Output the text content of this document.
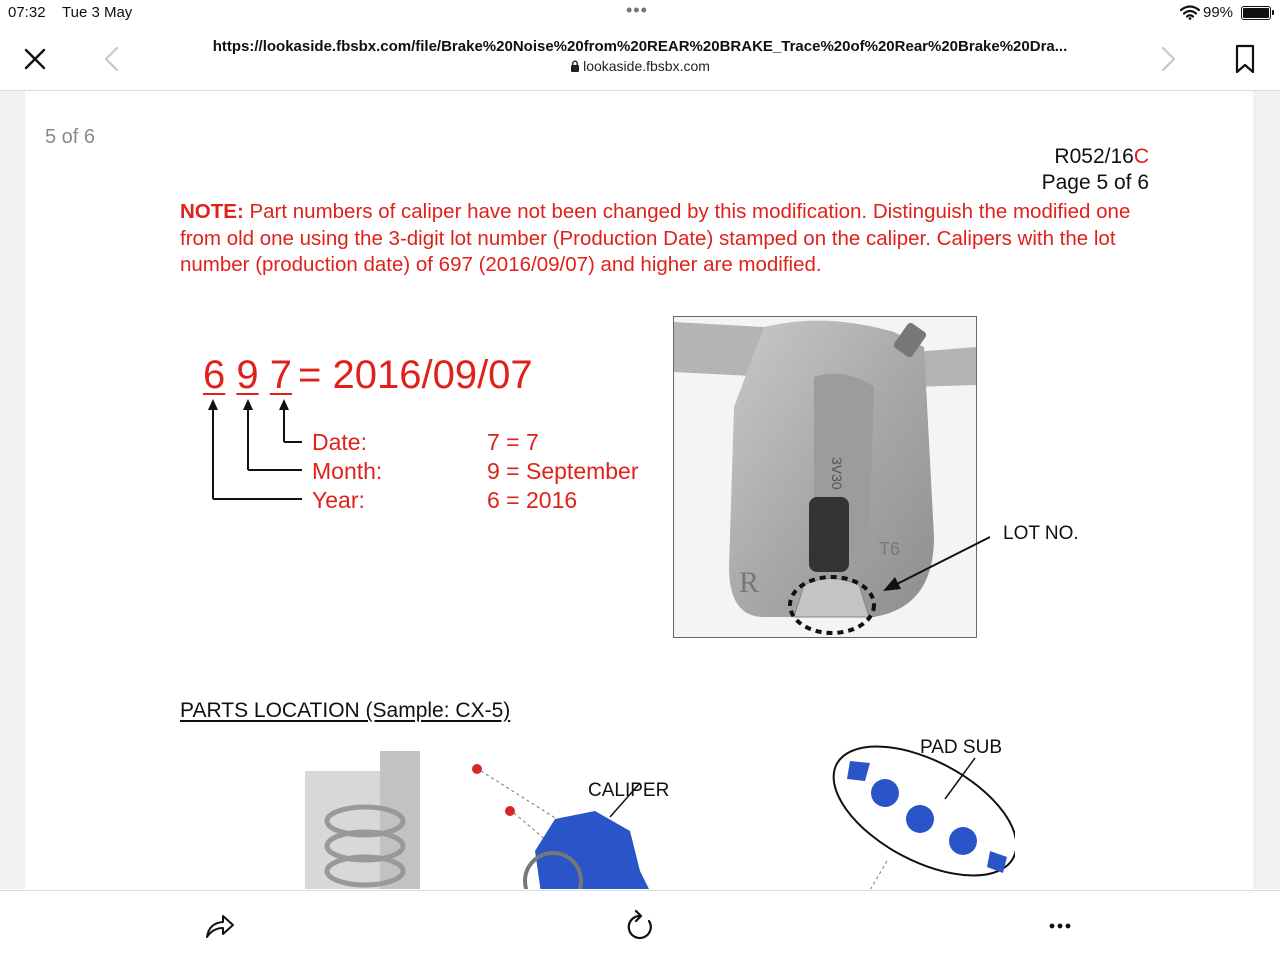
07:32 Tue 3 May	•••	99%
https://lookaside.fbsbx.com/file/Brake%20Noise%20from%20REAR%20BRAKE_Trace%20of%20Rear%20Brake%20Dra...
lookaside.fbsbx.com
5 of 6
R052/16C
Page 5 of 6
NOTE: Part numbers of caliper have not been changed by this modification. Distinguish the modified one from old one using the 3-digit lot number (Production Date) stamped on the caliper. Calipers with the lot number (production date) of 697 (2016/09/07) and higher are modified.
6 9 7 = 2016/09/07
Date:	7 = 7
Month:	9 = September
Year:	6 = 2016
3V30
R
T6
LOT NO.
PARTS LOCATION (Sample: CX-5)
CALIPER
PAD SUB
